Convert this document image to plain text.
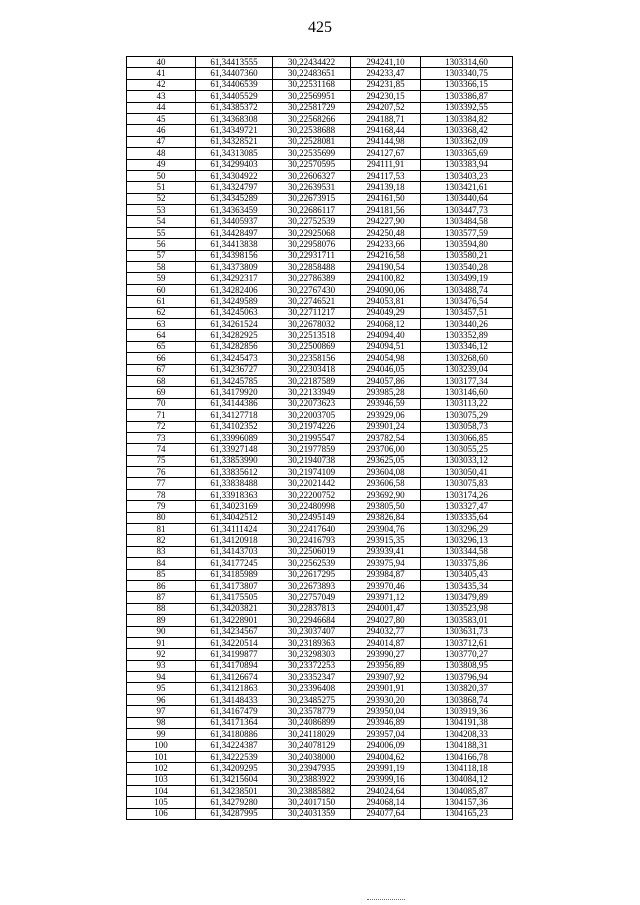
425
40	61,34413555	30,22434422	294241,10	1303314,60
41	61,34407360	30,22483651	294233,47	1303340,75
42	61,34406539	30,22531168	294231,85	1303366,15
43	61,34405529	30,22569951	294230,15	1303386,87
44	61,34385372	30,22581729	294207,52	1303392,55
45	61,34368308	30,22568266	294188,71	1303384,82
46	61,34349721	30,22538688	294168,44	1303368,42
47	61,34328521	30,22528081	294144,98	1303362,09
48	61,34313085	30,22535699	294127,67	1303365,69
49	61,34299403	30,22570595	294111,91	1303383,94
50	61,34304922	30,22606327	294117,53	1303403,23
51	61,34324797	30,22639531	294139,18	1303421,61
52	61,34345289	30,22673915	294161,50	1303440,64
53	61,34363459	30,22686117	294181,56	1303447,73
54	61,34405937	30,22752539	294227,90	1303484,58
55	61,34428497	30,22925068	294250,48	1303577,59
56	61,34413838	30,22958076	294233,66	1303594,80
57	61,34398156	30,22931711	294216,58	1303580,21
58	61,34373809	30,22858488	294190,54	1303540,28
59	61,34292317	30,22786389	294100,82	1303499,19
60	61,34282406	30,22767430	294090,06	1303488,74
61	61,34249589	30,22746521	294053,81	1303476,54
62	61,34245063	30,22711217	294049,29	1303457,51
63	61,34261524	30,22678032	294068,12	1303440,26
64	61,34282925	30,22513518	294094,40	1303352,89
65	61,34282856	30,22500869	294094,51	1303346,12
66	61,34245473	30,22358156	294054,98	1303268,60
67	61,34236727	30,22303418	294046,05	1303239,04
68	61,34245785	30,22187589	294057,86	1303177,34
69	61,34179920	30,22133949	293985,28	1303146,60
70	61,34144386	30,22073623	293946,59	1303113,22
71	61,34127718	30,22003705	293929,06	1303075,29
72	61,34102352	30,21974226	293901,24	1303058,73
73	61,33996089	30,21995547	293782,54	1303066,85
74	61,33927148	30,21977859	293706,00	1303055,25
75	61,33853990	30,21940738	293625,05	1303033,12
76	61,33835612	30,21974109	293604,08	1303050,41
77	61,33838488	30,22021442	293606,58	1303075,83
78	61,33918363	30,22200752	293692,90	1303174,26
79	61,34023169	30,22480998	293805,50	1303327,47
80	61,34042512	30,22495149	293826,84	1303335,64
81	61,34111424	30,22417640	293904,76	1303296,29
82	61,34120918	30,22416793	293915,35	1303296,13
83	61,34143703	30,22506019	293939,41	1303344,58
84	61,34177245	30,22562539	293975,94	1303375,86
85	61,34185989	30,22617295	293984,87	1303405,43
86	61,34173807	30,22673893	293970,46	1303435,34
87	61,34175505	30,22757049	293971,12	1303479,89
88	61,34203821	30,22837813	294001,47	1303523,98
89	61,34228901	30,22946684	294027,80	1303583,01
90	61,34234567	30,23037407	294032,77	1303631,73
91	61,34220514	30,23189363	294014,87	1303712,61
92	61,34199877	30,23298303	293990,27	1303770,27
93	61,34170894	30,23372253	293956,89	1303808,95
94	61,34126674	30,23352347	293907,92	1303796,94
95	61,34121863	30,23396408	293901,91	1303820,37
96	61,34148433	30,23485275	293930,20	1303868,74
97	61,34167479	30,23578779	293950,04	1303919,36
98	61,34171364	30,24086899	293946,89	1304191,38
99	61,34180886	30,24118029	293957,04	1304208,33
100	61,34224387	30,24078129	294006,09	1304188,31
101	61,34222539	30,24038000	294004,62	1304166,78
102	61,34209295	30,23947935	293991,19	1304118,18
103	61,34215604	30,23883922	293999,16	1304084,12
104	61,34238501	30,23885882	294024,64	1304085,87
105	61,34279280	30,24017150	294068,14	1304157,36
106	61,34287995	30,24031359	294077,64	1304165,23
